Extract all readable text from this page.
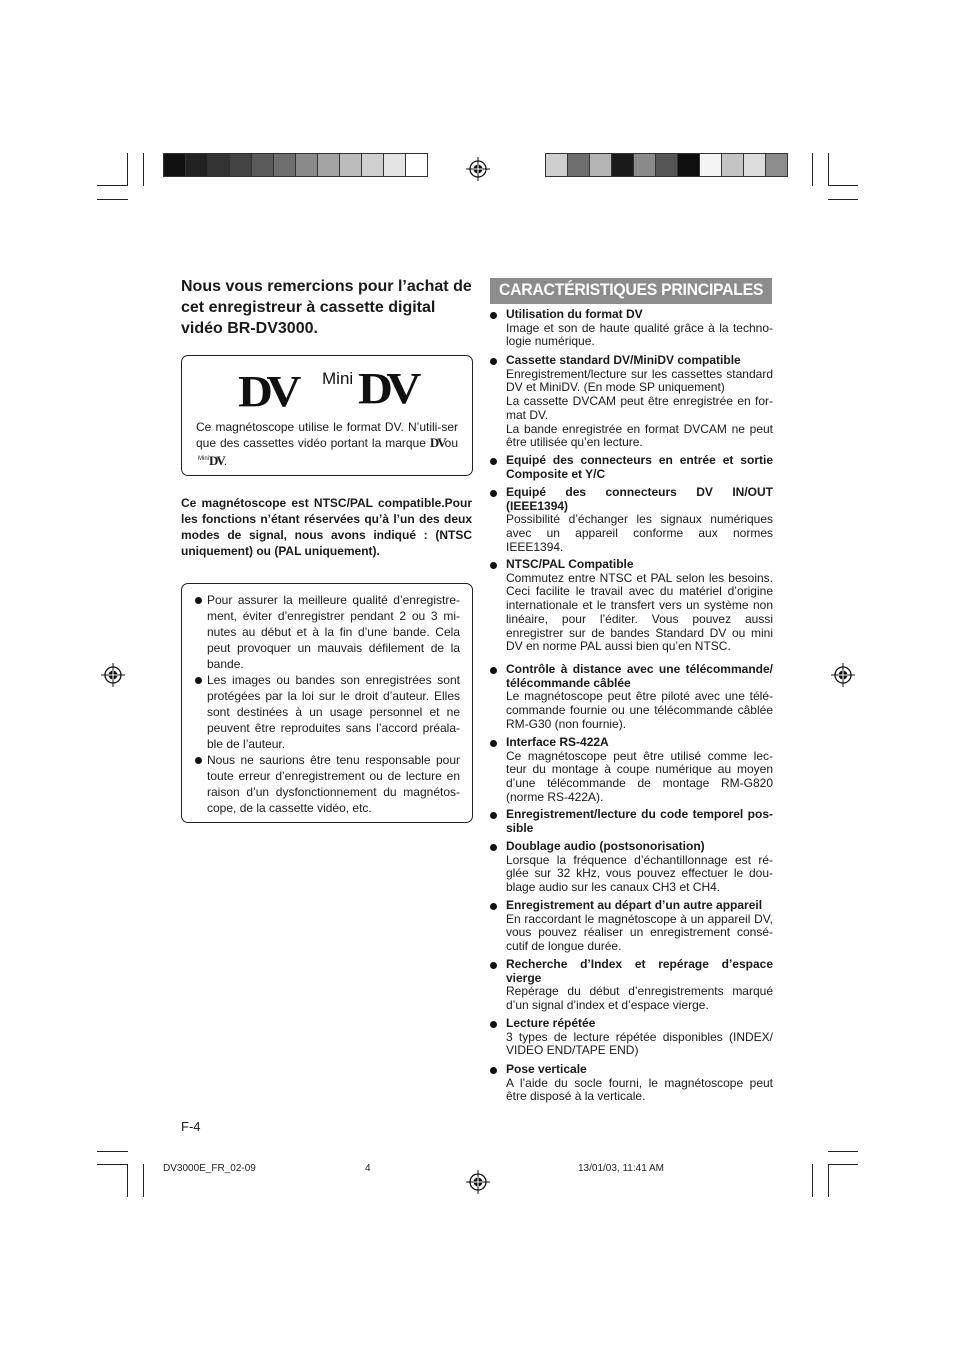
Nous vous remercions pour l’achat de cet enregistreur à cassette digital vidéo BR-DV3000.
DV Mini DV
Ce magnétoscope utilise le format DV. N’utili-ser que des cassettes vidéo portant la marque DVou $^{Mini}$DV.
Ce magnétoscope est NTSC/PAL compatible.Pour les fonctions n’étant réservées qu’à l’un des deux modes de signal, nous avons indiqué : (NTSC uniquement) ou (PAL uniquement).
Pour assurer la meilleure qualité d’enregistre-ment, éviter d’enregistrer pendant 2 ou 3 mi-nutes au début et à la fin d’une bande. Cela peut provoquer un mauvais défilement de la bande.
Les images ou bandes son enregistrées sont protégées par la loi sur le droit d’auteur. Elles sont destinées à un usage personnel et ne peuvent être reproduites sans l’accord préala-ble de l’auteur.
Nous ne saurions être tenu responsable pour toute erreur d’enregistrement ou de lecture en raison d’un dysfonctionnement du magnétos-cope, de la cassette vidéo, etc.
CARACTÉRISTIQUES PRINCIPALES
Utilisation du format DV
Image et son de haute qualité grâce à la techno-logie numérique.
Cassette standard DV/MiniDV compatible
Enregistrement/lecture sur les cassettes standard DV et MiniDV. (En mode SP uniquement)
La cassette DVCAM peut être enregistrée en for-mat DV.
La bande enregistrée en format DVCAM ne peut être utilisée qu’en lecture.
Equipé des connecteurs en entrée et sortie Composite et Y/C
Equipé des connecteurs DV IN/OUT (IEEE1394)
Possibilité d’échanger les signaux numériques avec un appareil conforme aux normes IEEE1394.
NTSC/PAL Compatible
Commutez entre NTSC et PAL selon les besoins. Ceci facilite le travail avec du matériel d’origine internationale et le transfert vers un système non linéaire, pour l’éditer. Vous pouvez aussi enregistrer sur de bandes Standard DV ou mini DV en norme PAL aussi bien qu’en NTSC.
Contrôle à distance avec une télécommande/ télécommande câblée
Le magnétoscope peut être piloté avec une télé-commande fournie ou une télécommande câblée RM-G30 (non fournie).
Interface RS-422A
Ce magnétoscope peut être utilisé comme lec-teur du montage à coupe numérique au moyen d’une télécommande de montage RM-G820 (norme RS-422A).
Enregistrement/lecture du code temporel pos-sible
Doublage audio (postsonorisation)
Lorsque la fréquence d’échantillonnage est ré-glée sur 32 kHz, vous pouvez effectuer le dou-blage audio sur les canaux CH3 et CH4.
Enregistrement au départ d’un autre appareil
En raccordant le magnétoscope à un appareil DV, vous pouvez réaliser un enregistrement consé-cutif de longue durée.
Recherche d’Index et repérage d’espace vierge
Repérage du début d’enregistrements marqué d’un signal d’index et d’espace vierge.
Lecture répétée
3 types de lecture répétée disponibles (INDEX/ VIDEO END/TAPE END)
Pose verticale
A l’aide du socle fourni, le magnétoscope peut être disposé à la verticale.
F-4
DV3000E_FR_02-09	4	13/01/03, 11:41 AM
